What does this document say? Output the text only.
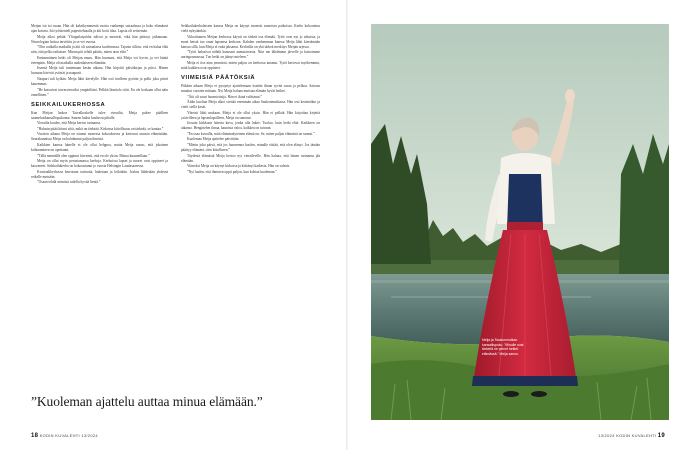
Meijan isä toi ruoan. Hän oli kaksikymmentä vuotta vanhempi sairaalassa ja koko elämänsä ajan kotona. Isä työskenteli paperitehtaalla ja äiti hoiti tilaa. Lapsia oli seitsemän.

Meija alkoi pelätä. Ylioppilasjuhlat tulivat ja menivät, eikä hän päässyt jatkamaan. Neurologian hoitoa tarvittiin ja se vei vuosia.

”Olin ratikalla matkalla ja äiti oli sairaalassa kuolemassa. Tajusin silloin, että en halua elää niin, että pelko ratkaisee. Minun piti tehdä päätös, miten aion elää.”

Ensimmäinen hetki oli Meijan nauru. Hän huomasi, että Meija voi hyvin, ja vei häntä eteenpäin. Meija oli matkalla uudenlaiseen elämään.

Itsensä Meija tuli tuntemaan kesän aikana. Hän kirjoitti päiväkirjaa ja piirsi. Hänen luonaan kävivät ystävät ja naapurit.

Naapuri tuli kylään. Meija lähti kävelylle. Hän osti itselleen pyörän ja polki joka päivä kauemmas.

”He kutsuivat tarvasvieraiksi ympäriltäni. Pelkkä läsnäolo riitti. En ole koskaan ollut näin onnellinen.”

SEIKKAILUKERHOSSA

Kun Meijan luokse Taivalkoskelle tulee vierailta, Meija pukee päälleen saamelaiskansallispukunsa. Saaren laulut kuuluvat pihalle.

Vierailta kuulee, että Meija kertoo tarinansa.

”Halusin pitää kiinni siitä, mikä on tärkeää. Kirkossa kiitollisuus on tärkeää, se kantaa.”

Vuosien aikana Meija on istunut monessa kokouksessa ja kertonut omasta elämästään. Seurakunnissa Meija on kohdannut paljon ihmisiä.

Kaikkien kanssa hänelle ei ole ollut helppoa, mutta Meija sanoo, että jokainen kohtaaminen on opettanut.

”Tällä mennällä olen oppinut hirveästi, että en ole yksin. Minua kuunnellaan.”

Meija on ollut myös perustamassa kerhoja. Kerhoissa lapset ja nuoret ovat oppineet ja kasvaneet. Seikkailukerho on kokoontunut jo vuosia Helsingin Lauttasaaressa.

Kvartaalikerhossa kerrotaan tarinoita, lauletaan ja leikitään. Joskus lähdetään yhdessä retkelle metsään.

”Osaan tehdä siemistä todella hyvää lientä.”

Seikkailukerholaisten kanssa Meija on käynyt monesti samoissa paikoissa. Kerho kokoontuu vielä nykyäänkin.

Viikoittainen Meijan kerhossa käynti on tärkeä osa elämää. Tytöt ovat nyt jo aikuisia, ja moni heistä tuo omat lapsensa kerhoon. Kahden vanhemman kanssa Meija lähti kiertämään kanssa sillä, kun Meija ei enää jaksanut. Kerhoilla on yhä tärkeä merkitys Meijan arjessa.

”Tytöt halusivat nähdä kanssani aamutaivasta. Niin me lähdimme järvelle ja katsoimme auringonnousua. Tuo hetki on jäänyt mieleen.”

Meija ei itse aina ymmärrä, miten paljon on kerhossa antanut. Tytöt kertovat myöhemmin, mitä kaikkea ovat oppineet.

VIIMEISIÄ PÄÄTÖKSIÄ

Pitkään aikaan Meija ei pystynyt ajattelemaan itseään ilman syvää surua ja pelkoa. Sairaus muuttui vuosien mittaan. Nyt Meija haluaa muistaa elämän hyvät hetket.

”Äiti oli suuri huomioitsija. Hän ei ikinä valittanut.”

Äidin kuoltua Meija alkoi viettää enemmän aikaa Saukonmutkassa. Hän osti kesämökin ja vietti siellä kesät.

Yhteisö lähti mukaan. Meija ei ole ollut yksin. Hän ei pelkää. Hän kirjoittaa kirjeitä ystävilleen ja lapsenlapsilleen, Meija on sanonut.

Jossain kirkkoon laitettu kuva, jonka alla lukee: Tuokio, kuin hetki elää. Kaikkeen on aikansa. Hengittelen ilmaa, kaunista valoa, kaikkea on taivaan.

”En osaa kuvailla, mitä elämäntäyteinen elämä on. Se, miten paljon elämästä on saanut.”

Kuolemaa Meija ajattelee päivittäin.

”Mietin joka päivä, että jos huomenna kuolen, minulle riittää, että olen elänyt. Jos tänään päättyy elämäni, olen kiitollinen.”

Täydestä elämästä Meija kertoo nyt vieraileville. Hän haluaa, että hänen tarinansa jää elämään.

Viimeksi Meija on käynyt kirkossa ja kiittänyt kaikesta. Hän on valmis.

”Nyt luulen, että ihminen oppii paljon, kun kohtaa kuoleman.”

”Kuoleman ajattelu auttaa minua elämään.”
18 KODIN KUVALEHTI 13/2024
Meija ja Saukonmutkan kansallispuku. ”Minulle ovat tärkeitä ne pienet hetket elämässä.” Meija sanoo.
13/2024 KODIN KUVALEHTI 19
